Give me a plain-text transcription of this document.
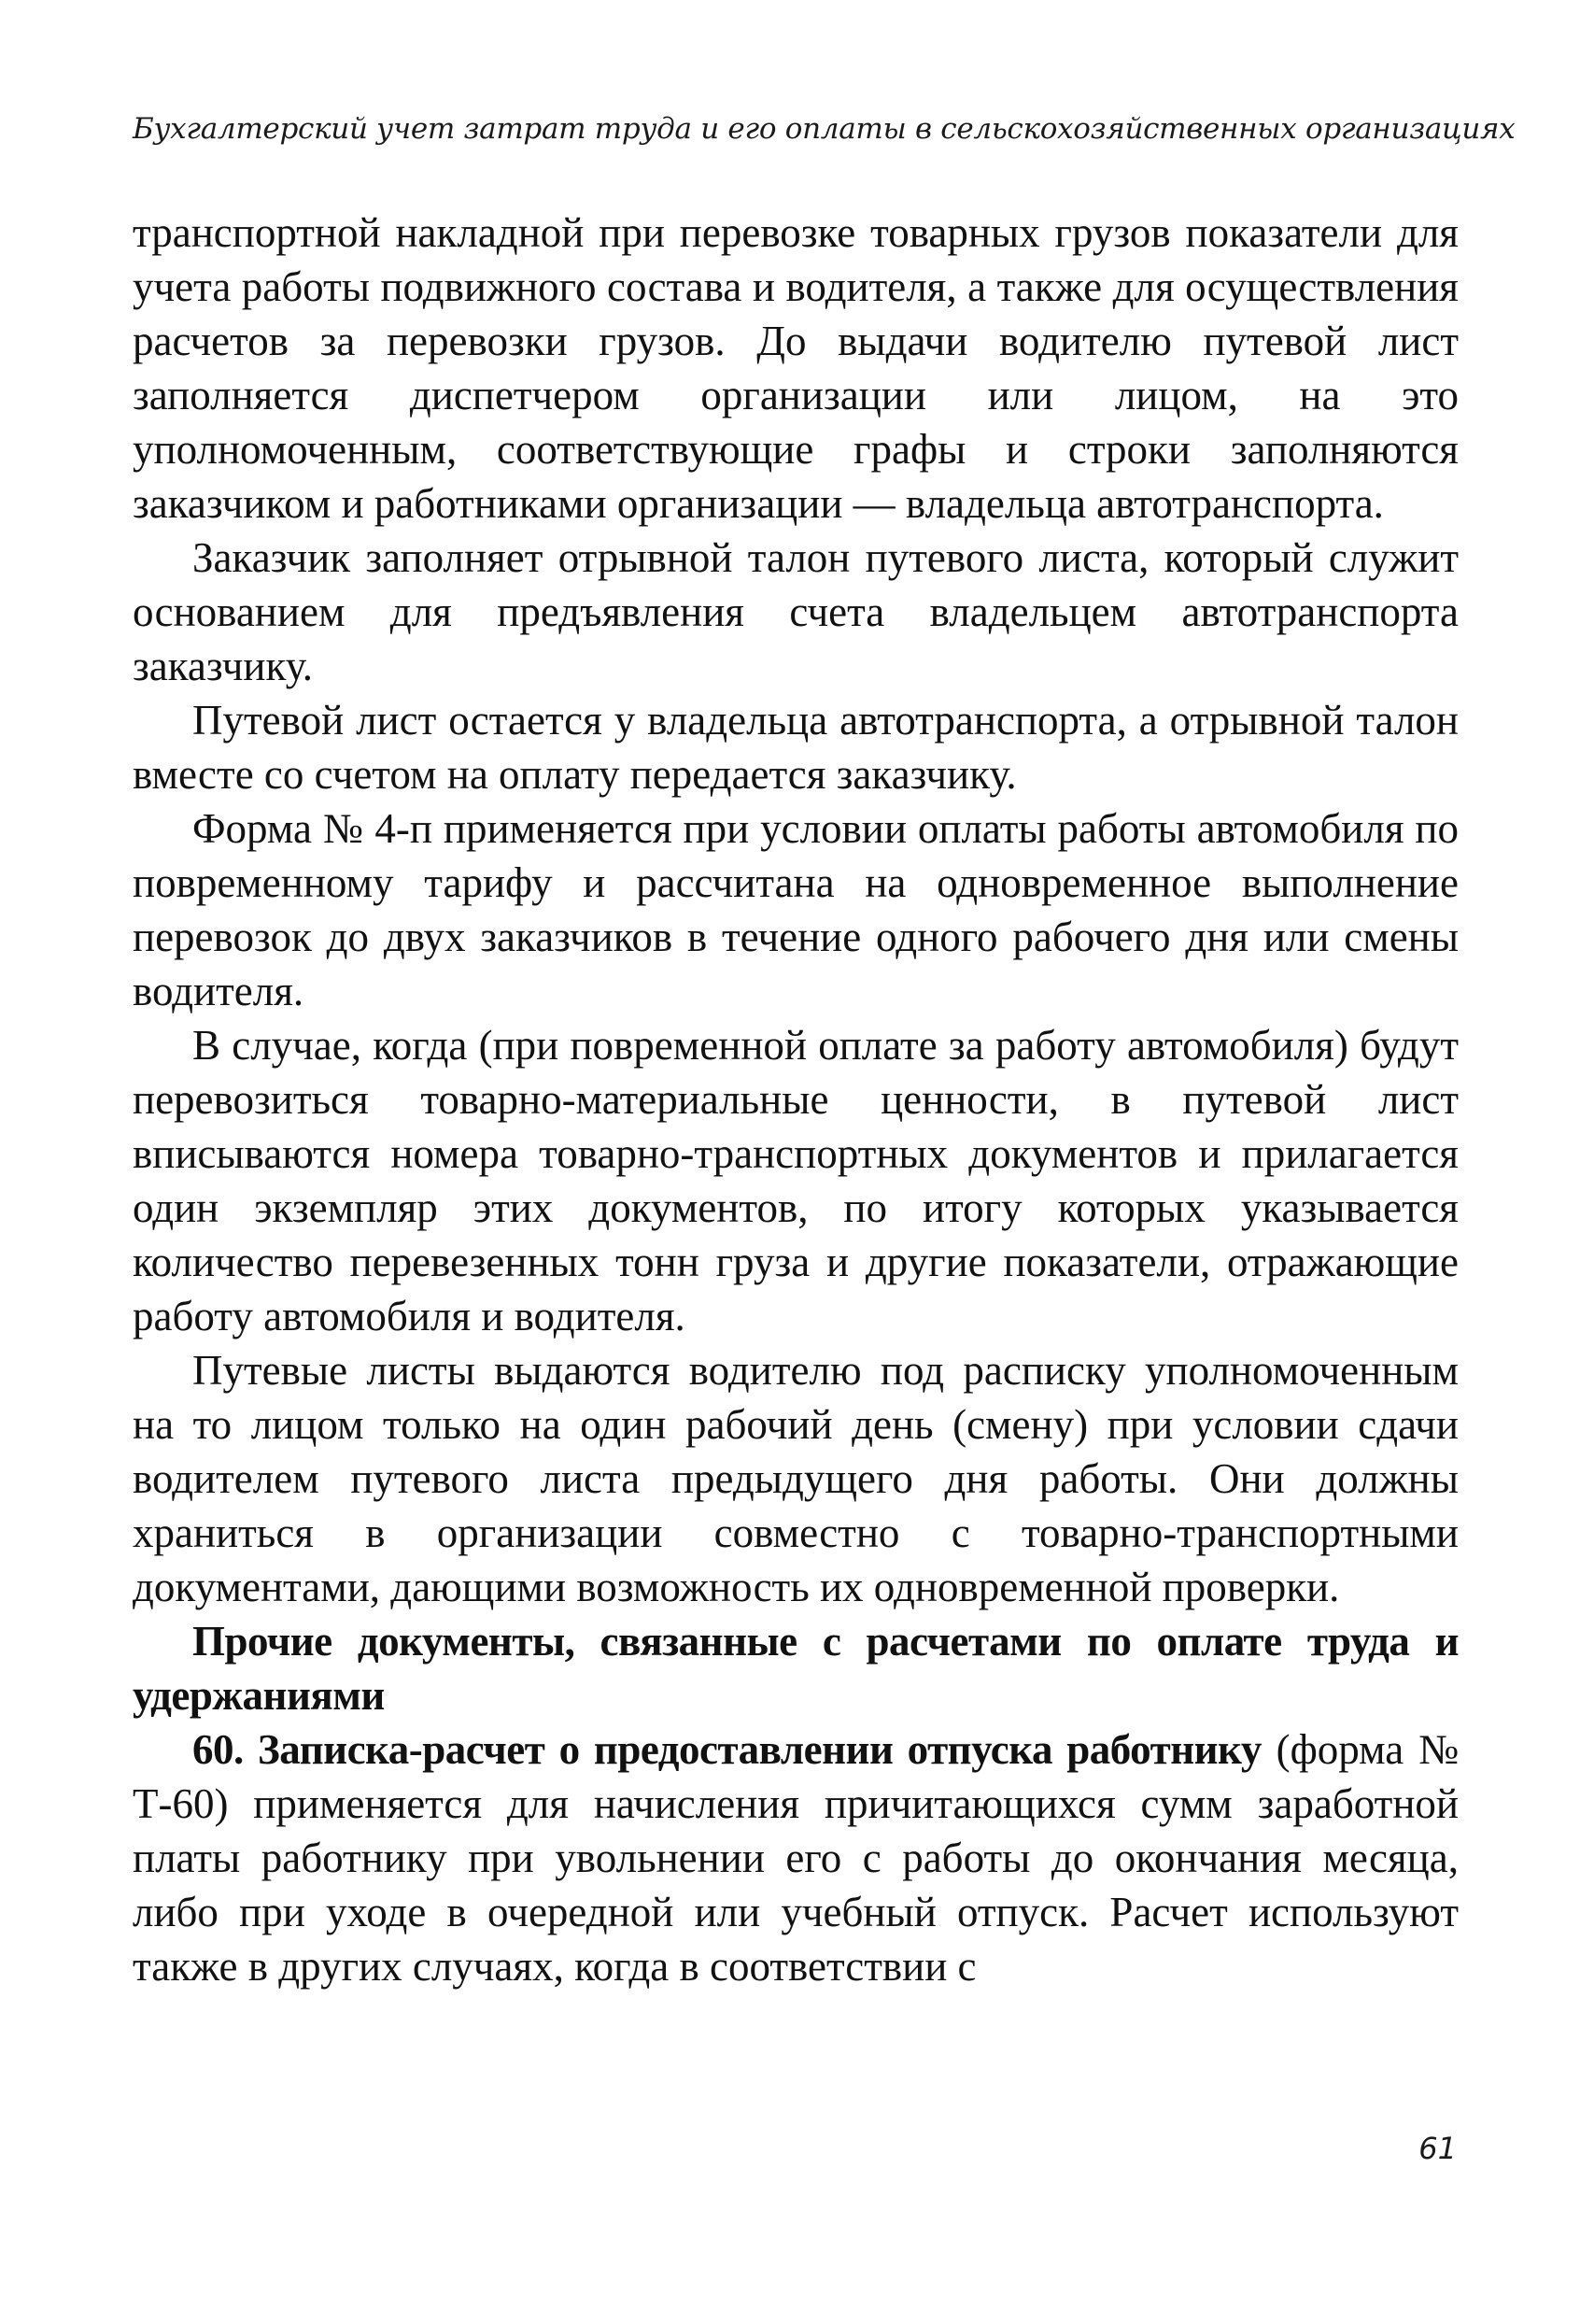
Бухгалтерский учет затрат труда и его оплаты в сельскохозяйственных организациях

транспортной накладной при перевозке товарных грузов показатели для учета работы подвижного состава и водителя, а также для осуществления расчетов за перевозки грузов. До выдачи водителю путевой лист заполняется диспетчером организации или лицом, на это уполномоченным, соответствующие графы и строки заполняются заказчиком и работниками организации — владельца автотранспорта.

Заказчик заполняет отрывной талон путевого листа, который служит основанием для предъявления счета владельцем автотранспорта заказчику.

Путевой лист остается у владельца автотранспорта, а отрывной талон вместе со счетом на оплату передается заказчику.

Форма № 4-п применяется при условии оплаты работы автомобиля по повременному тарифу и рассчитана на одновременное выполнение перевозок до двух заказчиков в течение одного рабочего дня или смены водителя.

В случае, когда (при повременной оплате за работу автомобиля) будут перевозиться товарно-материальные ценности, в путевой лист вписываются номера товарно-транспортных документов и прилагается один экземпляр этих документов, по итогу которых указывается количество перевезенных тонн груза и другие показатели, отражающие работу автомобиля и водителя.

Путевые листы выдаются водителю под расписку уполномоченным на то лицом только на один рабочий день (смену) при условии сдачи водителем путевого листа предыдущего дня работы. Они должны храниться в организации совместно с товарно-транспортными документами, дающими возможность их одновременной проверки.

Прочие документы, связанные с расчетами по оплате труда и удержаниями

60. Записка-расчет о предоставлении отпуска работнику (форма № Т-60) применяется для начисления причитающихся сумм заработной платы работнику при увольнении его с работы до окончания месяца, либо при уходе в очередной или учебный отпуск. Расчет используют также в других случаях, когда в соответствии с

61
